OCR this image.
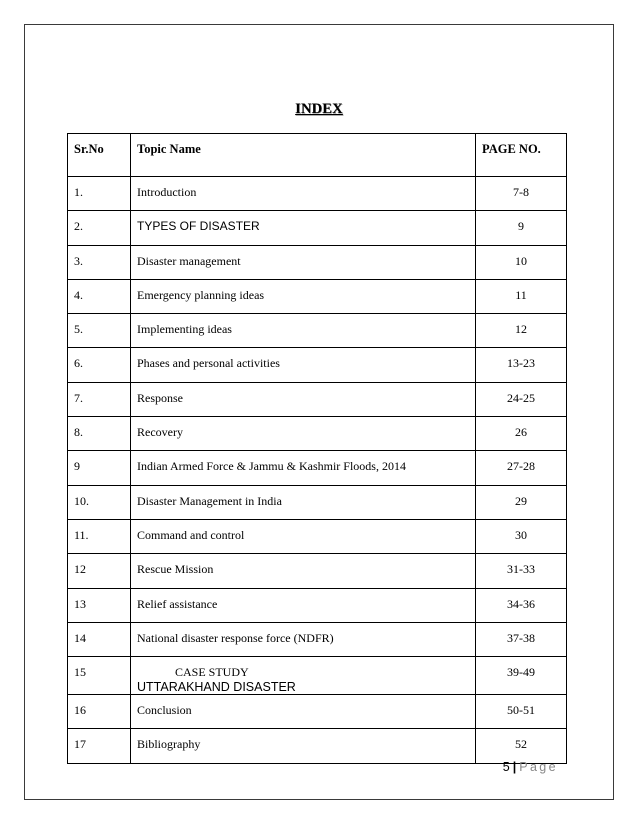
INDEX
Sr.No	Topic Name	PAGE NO.
1.	Introduction	7-8
2.	TYPES OF DISASTER	9
3.	Disaster management	10
4.	Emergency planning ideas	11
5.	Implementing ideas	12
6.	Phases and personal activities	13-23
7.	Response	24-25
8.	Recovery	26
9	Indian Armed Force & Jammu & Kashmir Floods, 2014	27-28
10.	Disaster Management in India	29
11.	Command and control	30
12	Rescue Mission	31-33
13	Relief assistance	34-36
14	National disaster response force (NDFR)	37-38
15	CASE STUDY
UTTARAKHAND DISASTER	39-49
16	Conclusion	50-51
17	Bibliography	52
5 | Page
